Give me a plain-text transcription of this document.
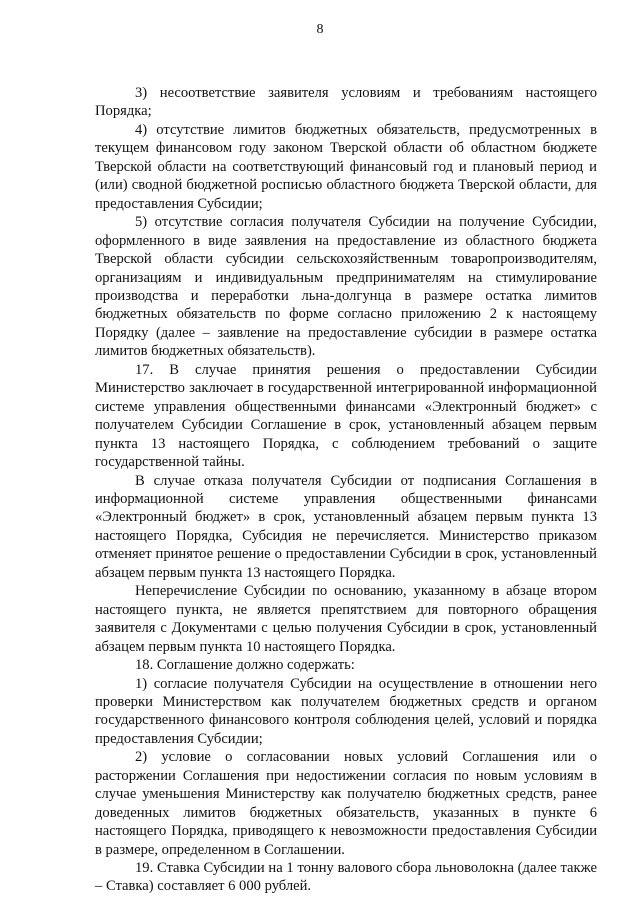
8

3) несоответствие заявителя условиям и требованиям настоящего Порядка;

4) отсутствие лимитов бюджетных обязательств, предусмотренных в текущем финансовом году законом Тверской области об областном бюджете Тверской области на соответствующий финансовый год и плановый период и (или) сводной бюджетной росписью областного бюджета Тверской области, для предоставления Субсидии;

5) отсутствие согласия получателя Субсидии на получение Субсидии, оформленного в виде заявления на предоставление из областного бюджета Тверской области субсидии сельскохозяйственным товаропроизводителям, организациям и индивидуальным предпринимателям на стимулирование производства и переработки льна-долгунца в размере остатка лимитов бюджетных обязательств по форме согласно приложению 2 к настоящему Порядку (далее – заявление на предоставление субсидии в размере остатка лимитов бюджетных обязательств).

17. В случае принятия решения о предоставлении Субсидии Министерство заключает в государственной интегрированной информационной системе управления общественными финансами «Электронный бюджет» с получателем Субсидии Соглашение в срок, установленный абзацем первым пункта 13 настоящего Порядка, с соблюдением требований о защите государственной тайны.

В случае отказа получателя Субсидии от подписания Соглашения в информационной системе управления общественными финансами «Электронный бюджет» в срок, установленный абзацем первым пункта 13 настоящего Порядка, Субсидия не перечисляется. Министерство приказом отменяет принятое решение о предоставлении Субсидии в срок, установленный абзацем первым пункта 13 настоящего Порядка.

Неперечисление Субсидии по основанию, указанному в абзаце втором настоящего пункта, не является препятствием для повторного обращения заявителя с Документами с целью получения Субсидии в срок, установленный абзацем первым пункта 10 настоящего Порядка.

18. Соглашение должно содержать:

1) согласие получателя Субсидии на осуществление в отношении него проверки Министерством как получателем бюджетных средств и органом государственного финансового контроля соблюдения целей, условий и порядка предоставления Субсидии;

2) условие о согласовании новых условий Соглашения или о расторжении Соглашения при недостижении согласия по новым условиям в случае уменьшения Министерству как получателю бюджетных средств, ранее доведенных лимитов бюджетных обязательств, указанных в пункте 6 настоящего Порядка, приводящего к невозможности предоставления Субсидии в размере, определенном в Соглашении.

19. Ставка Субсидии на 1 тонну валового сбора льноволокна (далее также – Ставка) составляет 6 000 рублей.
